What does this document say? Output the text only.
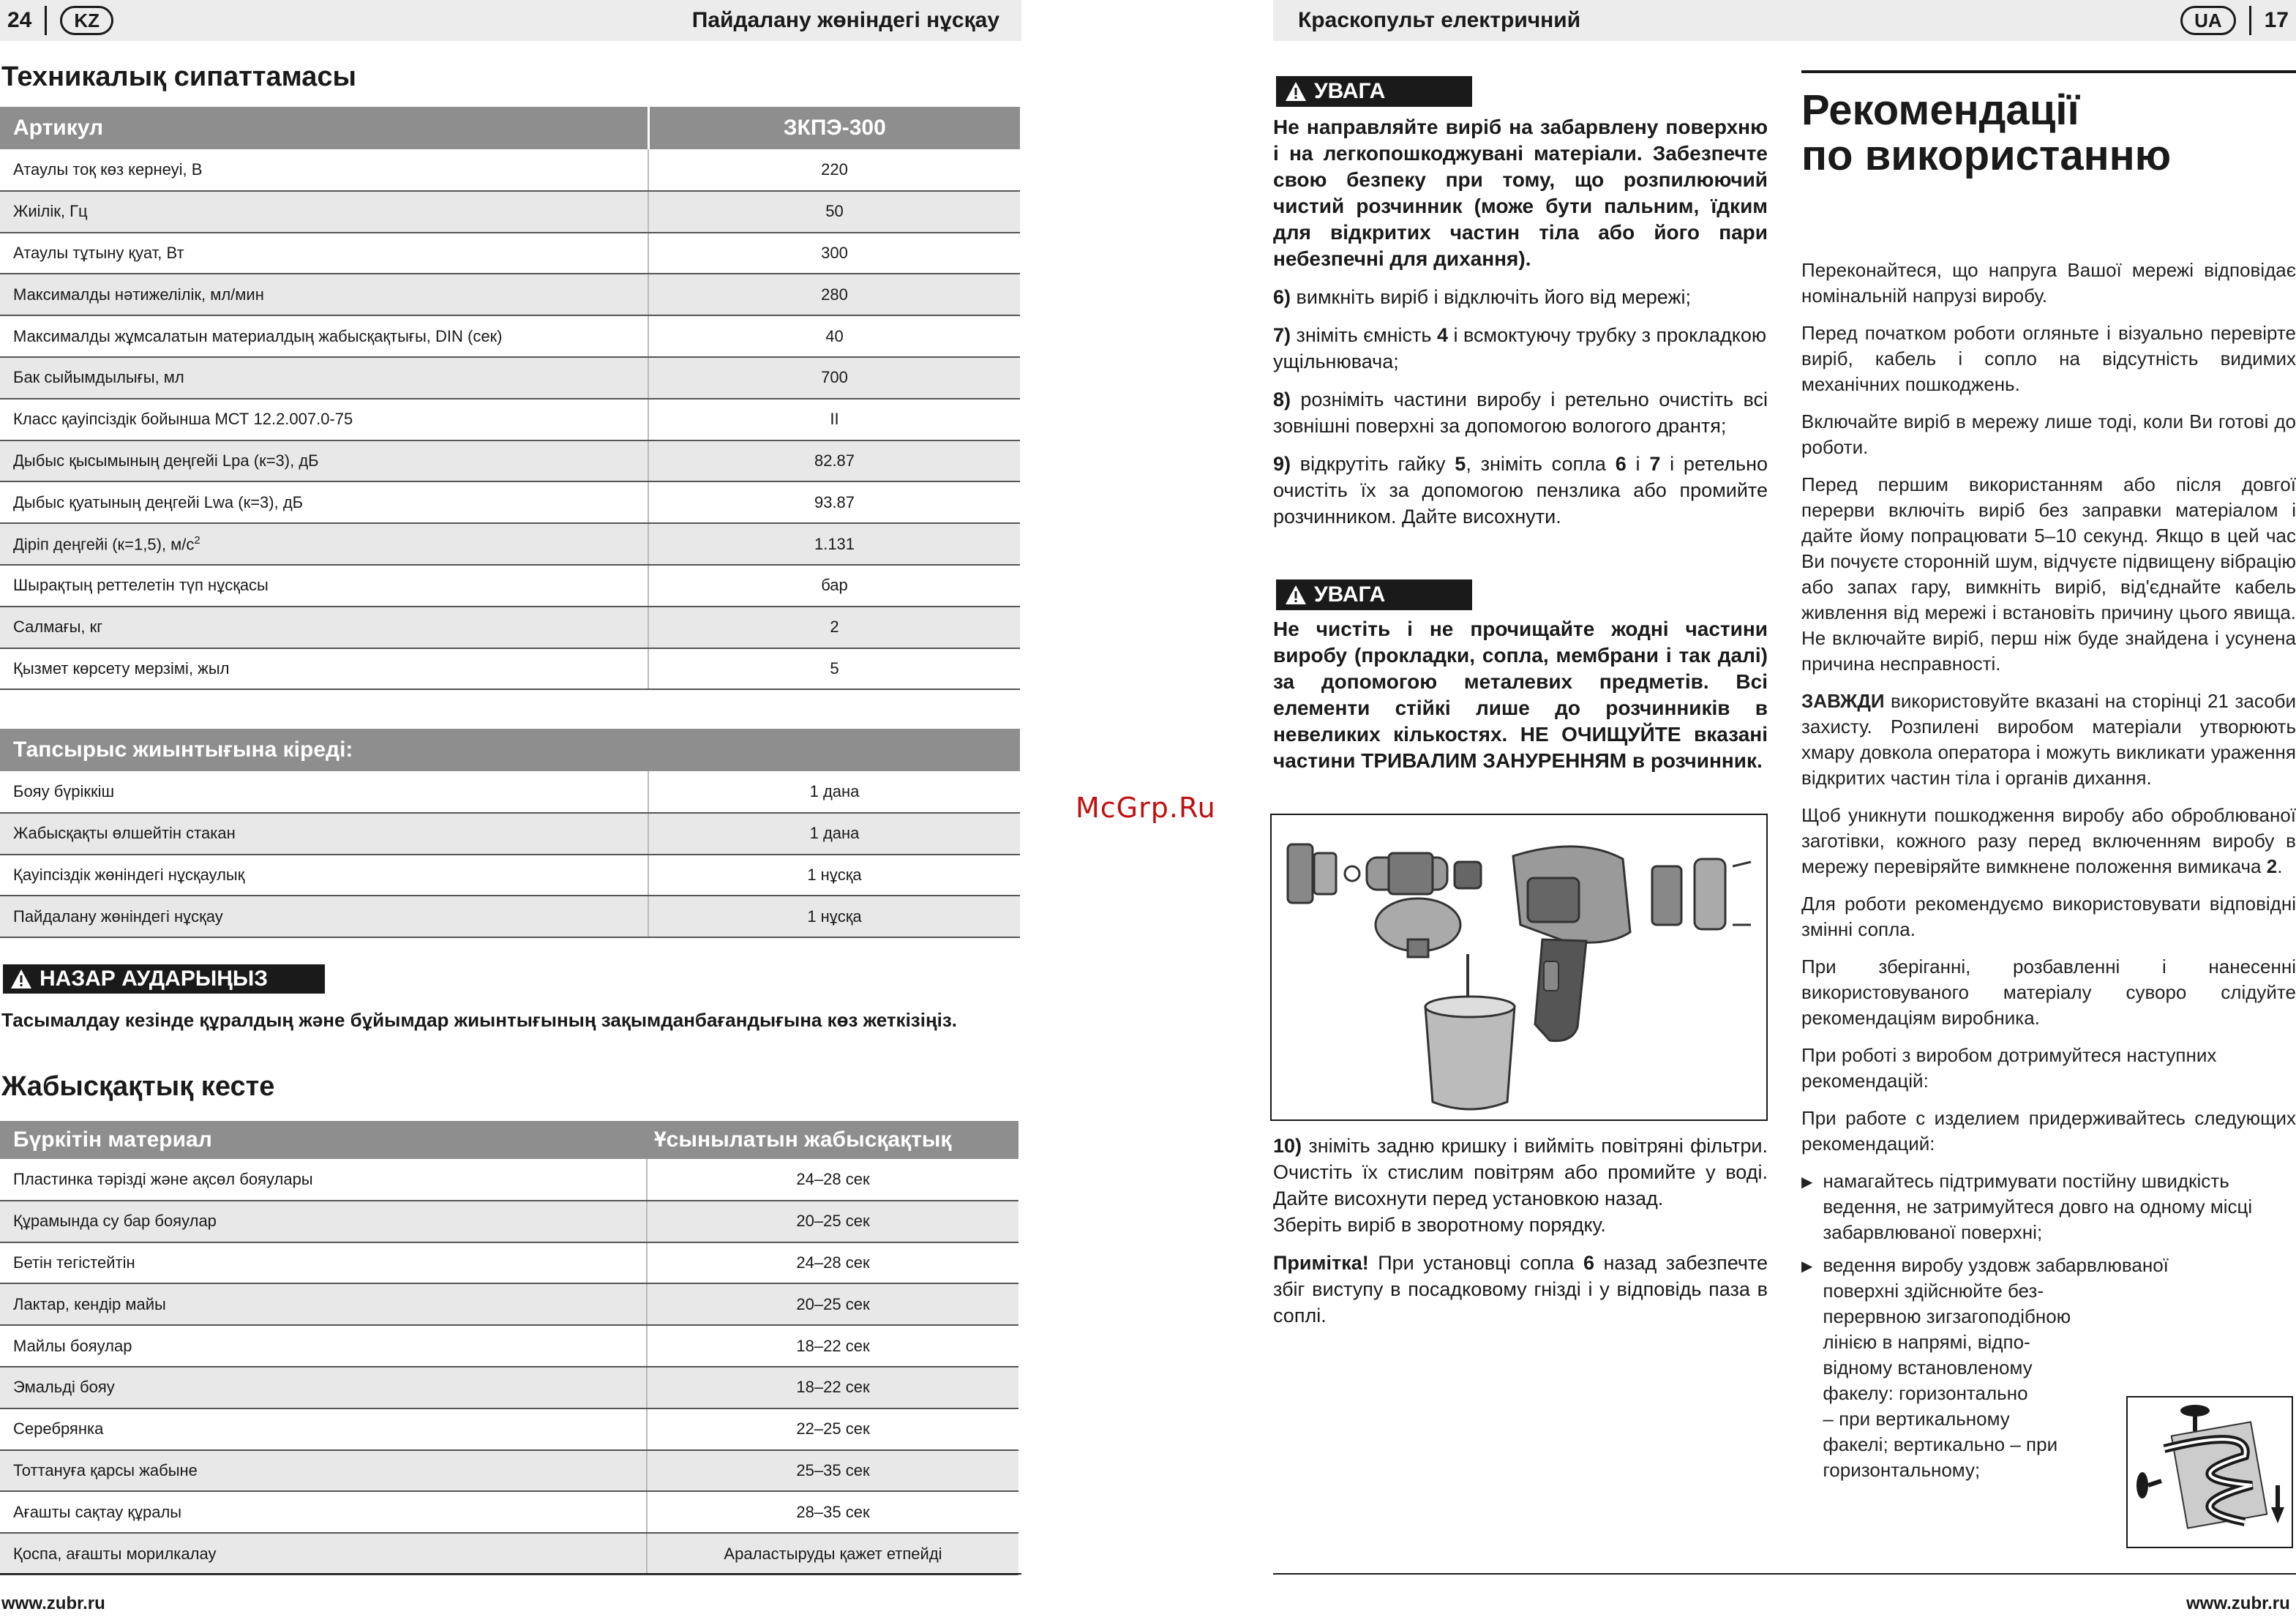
24	KZ	Пайдалану жөніндегі нұсқау	Краскопульт електричний	UA	17
Техникалық сипаттамасы
Артикул	ЗКПЭ-300
Атаулы тоқ көз кернеуі, В	220
Жиілік, Гц	50
Атаулы тұтыну қуат, Вт	300
Максималды нәтижелілік, мл/мин	280
Максималды жұмсалатын материалдың жабысқақтығы, DIN (сек)	40
Бак сыйымдылығы, мл	700
Класс қауіпсіздік бойынша МСТ 12.2.007.0-75	II
Дыбыс қысымының деңгейі Lpa (к=3), дБ	82.87
Дыбыс қуатының деңгейі Lwa (к=3), дБ	93.87
Діріп деңгейі (к=1,5), $м/с^2$	1.131
Шырақтың реттелетін түп нұсқасы	бар
Салмағы, кг	2
Қызмет көрсету мерзімі, жыл	5
Тапсырыс жиынтығына кіреді:	
Бояу бүріккіш	1 дана
Жабысқақты өлшейтін стакан	1 дана
Қауіпсіздік жөніндегі нұсқаулық	1 нұсқа
Пайдалану жөніндегі нұсқау	1 нұсқа
НАЗАР АУДАРЫҢЫЗ
Тасымалдау кезінде құралдың және бұйымдар жиынтығының зақымданбағандығына көз жеткізіңіз.
Жабысқақтық кесте
Бүркітін материал	Ұсынылатын жабысқақтық
Пластинка тәрізді және ақсөл бояулары	24–28 сек
Құрамында су бар бояулар	20–25 сек
Бетін тегістейтін	24–28 сек
Лактар, кендір майы	20–25 сек
Майлы бояулар	18–22 сек
Эмальді бояу	18–22 сек
Серебрянка	22–25 сек
Тоттануға қарсы жабыне	25–35 сек
Ағашты сақтау құралы	28–35 сек
Қоспа, ағашты морилкалау	Араластыруды қажет етпейді
www.zubr.ru
McGrp.Ru
УВАГА

Не направляйте виріб на забарвлену поверхню і на легкопошкоджувані матеріали. Забезпечте свою безпеку при тому, що розпилюючий чистий розчинник (може бути пальним, їдким для відкритих частин тіла або його пари небезпечні для дихання).

6) вимкніть виріб і відключіть його від мережі;

7) зніміть ємність 4 і всмоктуючу трубку з прокладкою ущільнювача;

8) розніміть частини виробу і ретельно очистіть всі зовнішні поверхні за допомогою вологого дрантя;

9) відкрутіть гайку 5, зніміть сопла 6 і 7 і ретельно очистіть їх за допомогою пензлика або промийте розчинником. Дайте висохнути.

УВАГА
Не чистіть і не прочищайте жодні частини виробу (прокладки, сопла, мембрани і так далі) за допомогою металевих предметів. Всі елементи стійкі лише до розчинників в невеликих кількостях. НЕ ОЧИЩУЙТЕ вказані частини ТРИВАЛИМ ЗАНУРЕННЯМ в розчинник.

10) зніміть задню кришку і вийміть повітряні фільтри. Очистіть їх стислим повітрям або промийте у воді. Дайте висохнути перед установкою назад.

Зберіть виріб в зворотному порядку.

Примітка! При установці сопла 6 назад забезпечте збіг виступу в посадковому гнізді і у відповідь паза в соплі.

Рекомендації
по використанню

Переконайтеся, що напруга Вашої мережі відповідає номінальній напрузі виробу.

Перед початком роботи огляньте і візуально перевірте виріб, кабель і сопло на відсутність видимих механічних пошкоджень.

Включайте виріб в мережу лише тоді, коли Ви готові до роботи.

Перед першим використанням або після довгої перерви включіть виріб без заправки матеріалом і дайте йому попрацювати 5–10 секунд. Якщо в цей час Ви почуєте сторонній шум, відчуєте підвищену вібрацію або запах гару, вимкніть виріб, від'єднайте кабель живлення від мережі і встановіть причину цього явища. Не включайте виріб, перш ніж буде знайдена і усунена причина несправності.

ЗАВЖДИ використовуйте вказані на сторінці 21 засоби захисту. Розпилені виробом матеріали утворюють хмару довкола оператора і можуть викликати ураження відкритих частин тіла і органів дихання.

Щоб уникнути пошкодження виробу або оброблюваної заготівки, кожного разу перед включенням виробу в мережу перевіряйте вимкнене положення вимикача 2.

Для роботи рекомендуємо використовувати відповідні змінні сопла.

При зберіганні, розбавленні і нанесенні використовуваного матеріалу суворо слідуйте рекомендаціям виробника.

При роботі з виробом дотримуйтеся наступних рекомендацій:

При работе с изделием придерживайтесь следующих рекомендаций:

▶ намагайтесь підтримувати постійну швидкість ведення, не затримуйтеся довго на одному місці забарвлюваної поверхні;
▶ ведення виробу уздовж забарвлюваної
поверхні здійснюйте без-
перервною зигзагоподібною
лінією в напрямі, відпо-
відному встановленому
факелу: горизонтально
– при вертикальному
факелі; вертикально – при
горизонтальному;
www.zubr.ru
